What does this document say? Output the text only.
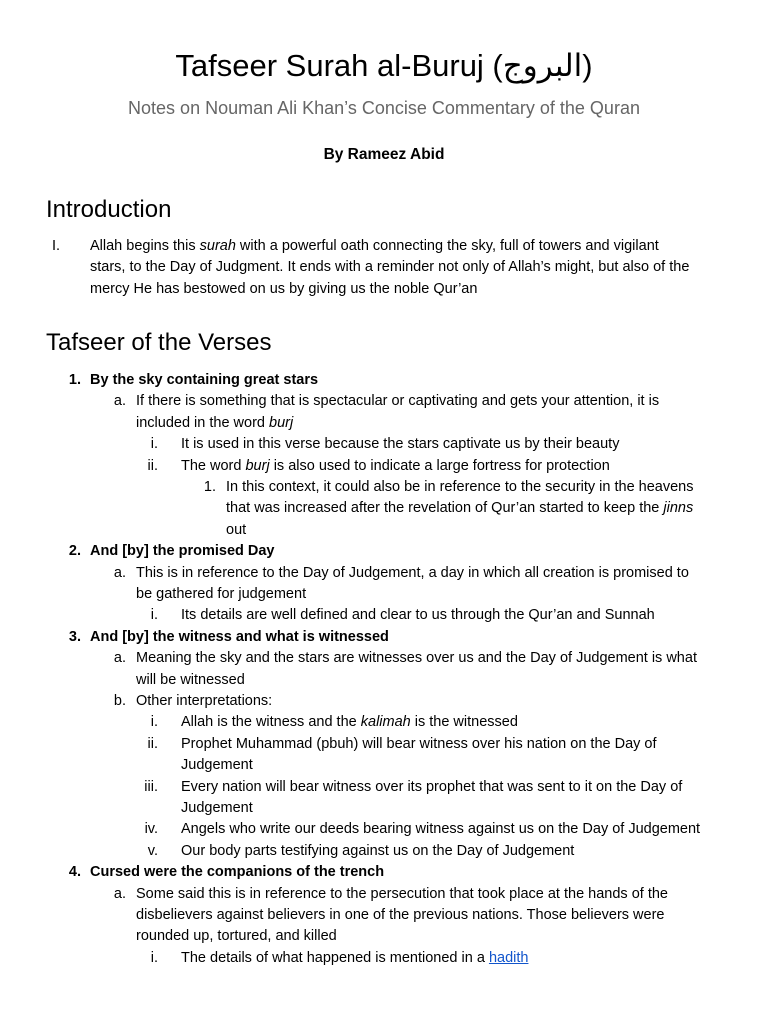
Tafseer Surah al-Buruj (البروج)
Notes on Nouman Ali Khan’s Concise Commentary of the Quran
By Rameez Abid
Introduction
I.	Allah begins this surah with a powerful oath connecting the sky, full of towers and vigilant
stars, to the Day of Judgment. It ends with a reminder not only of Allah’s might, but also of the
mercy He has bestowed on us by giving us the noble Qur’an
Tafseer of the Verses
1. By the sky containing great stars
a. If there is something that is spectacular or captivating and gets your attention, it is
included in the word burj
i. It is used in this verse because the stars captivate us by their beauty
ii. The word burj is also used to indicate a large fortress for protection
1. In this context, it could also be in reference to the security in the heavens
that was increased after the revelation of Qur’an started to keep the jinns
out
2. And [by] the promised Day
a. This is in reference to the Day of Judgement, a day in which all creation is promised to
be gathered for judgement
i. Its details are well defined and clear to us through the Qur’an and Sunnah
3. And [by] the witness and what is witnessed
a. Meaning the sky and the stars are witnesses over us and the Day of Judgement is what
will be witnessed
b. Other interpretations:
i. Allah is the witness and the kalimah is the witnessed
ii. Prophet Muhammad (pbuh) will bear witness over his nation on the Day of
Judgement
iii. Every nation will bear witness over its prophet that was sent to it on the Day of
Judgement
iv. Angels who write our deeds bearing witness against us on the Day of Judgement
v. Our body parts testifying against us on the Day of Judgement
4. Cursed were the companions of the trench
a. Some said this is in reference to the persecution that took place at the hands of the
disbelievers against believers in one of the previous nations. Those believers were
rounded up, tortured, and killed
i. The details of what happened is mentioned in a hadith
